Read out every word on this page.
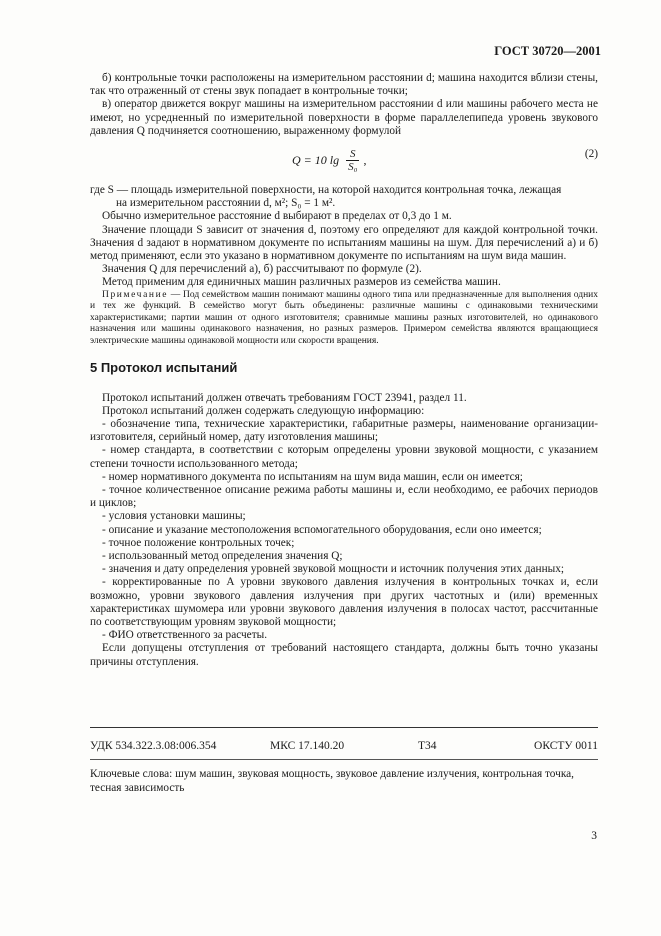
ГОСТ 30720—2001

б) контрольные точки расположены на измерительном расстоянии d; машина находится вблизи стены, так что отраженный от стены звук попадает в контрольные точки;

в) оператор движется вокруг машины на измерительном расстоянии d или машины рабочего места не имеют, но усредненный по измерительной поверхности в форме параллелепипеда уровень звукового давления Q подчиняется соотношению, выраженному формулой

Q = 10 $\lg \frac{S}{\text{S₀}}$ ,	(2)

где S — площадь измерительной поверхности, на которой находится контрольная точка, лежащая

на измерительном расстоянии d, м²; S₀ = 1 м².

Обычно измерительное расстояние d выбирают в пределах от 0,3 до 1 м.

Значение площади S зависит от значения d, поэтому его определяют для каждой контрольной точки. Значения d задают в нормативном документе по испытаниям машины на шум. Для перечислений а) и б) метод применяют, если это указано в нормативном документе по испытаниям на шум вида машин.

Значения Q для перечислений а), б) рассчитывают по формуле (2).

Метод применим для единичных машин различных размеров из семейства машин.

Примечание — Под семейством машин понимают машины одного типа или предназначенные для выполнения одних и тех же функций. В семейство могут быть объединены: различные машины с одинаковыми техническими характеристиками; партии машин от одного изготовителя; сравнимые машины разных изготовителей, но одинакового назначения или машины одинакового назначения, но разных размеров. Примером семейства являются вращающиеся электрические машины одинаковой мощности или скорости вращения.

5 Протокол испытаний

Протокол испытаний должен отвечать требованиям ГОСТ 23941, раздел 11.

Протокол испытаний должен содержать следующую информацию:

- обозначение типа, технические характеристики, габаритные размеры, наименование организации-изготовителя, серийный номер, дату изготовления машины;

- номер стандарта, в соответствии с которым определены уровни звуковой мощности, с указанием степени точности использованного метода;

- номер нормативного документа по испытаниям на шум вида машин, если он имеется;

- точное количественное описание режима работы машины и, если необходимо, ее рабочих периодов и циклов;

- условия установки машины;

- описание и указание местоположения вспомогательного оборудования, если оно имеется;

- точное положение контрольных точек;

- использованный метод определения значения Q;

- значения и дату определения уровней звуковой мощности и источник получения этих данных;

- корректированные по A уровни звукового давления излучения в контрольных точках и, если возможно, уровни звукового давления излучения при других частотных и (или) временных характеристиках шумомера или уровни звукового давления излучения в полосах частот, рассчитанные по соответствующим уровням звуковой мощности;

- ФИО ответственного за расчеты.

Если допущены отступления от требований настоящего стандарта, должны быть точно указаны причины отступления.

УДК 534.322.3.08:006.354	МКС 17.140.20	Т34	ОКСТУ 0011
Ключевые слова: шум машин, звуковая мощность, звуковое давление излучения, контрольная точка, тесная зависимость
3
